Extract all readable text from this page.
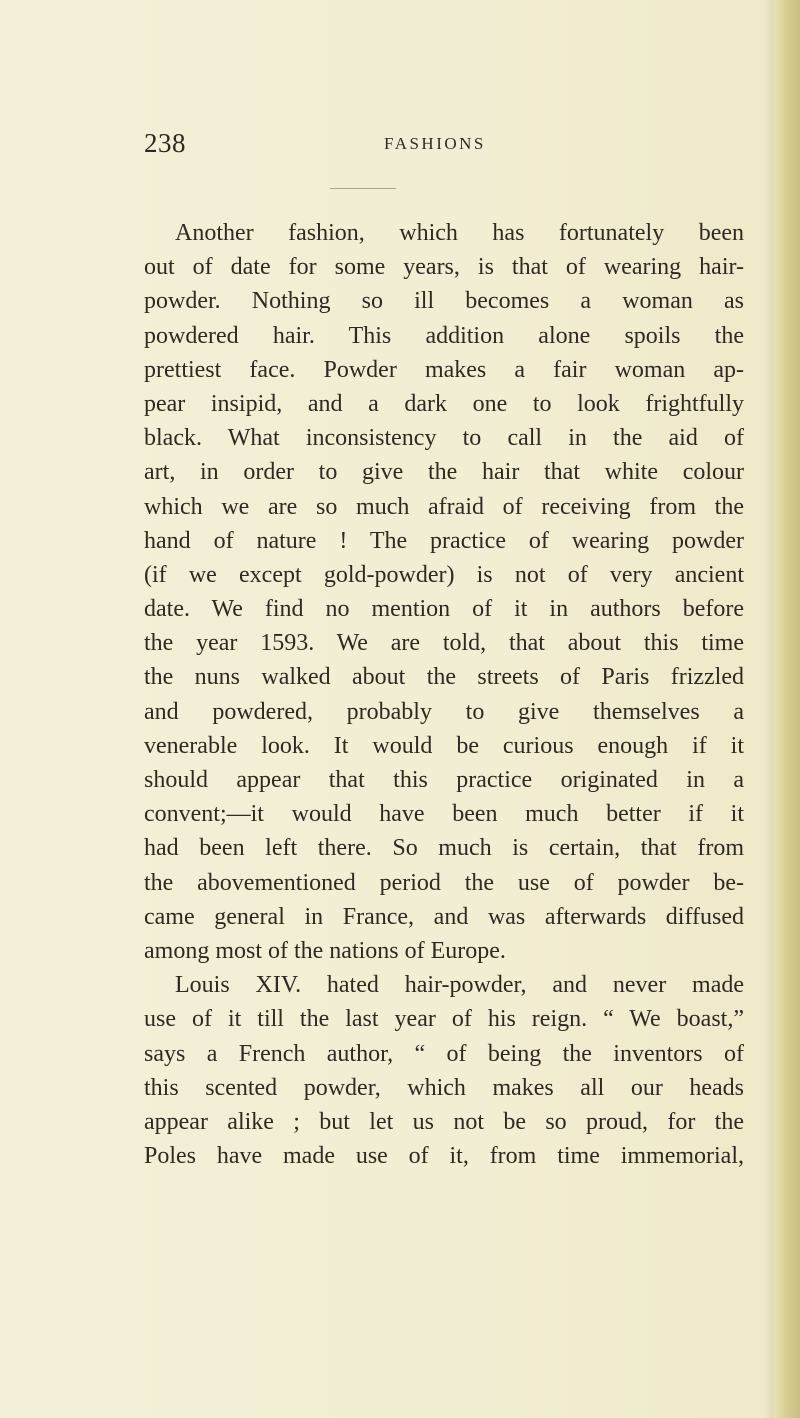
238	FASHIONS
Another fashion, which has fortunately been
out of date for some years, is that of wearing hair-
powder. Nothing so ill becomes a woman as
powdered hair. This addition alone spoils the
prettiest face. Powder makes a fair woman ap-
pear insipid, and a dark one to look frightfully
black. What inconsistency to call in the aid of
art, in order to give the hair that white colour
which we are so much afraid of receiving from the
hand of nature ! The practice of wearing powder
(if we except gold-powder) is not of very ancient
date. We find no mention of it in authors before
the year 1593. We are told, that about this time
the nuns walked about the streets of Paris frizzled
and powdered, probably to give themselves a
venerable look. It would be curious enough if it
should appear that this practice originated in a
convent;—it would have been much better if it
had been left there. So much is certain, that from
the abovementioned period the use of powder be-
came general in France, and was afterwards diffused
among most of the nations of Europe.
Louis XIV. hated hair-powder, and never made
use of it till the last year of his reign. “ We boast,”
says a French author, “ of being the inventors of
this scented powder, which makes all our heads
appear alike ; but let us not be so proud, for the
Poles have made use of it, from time immemorial,
